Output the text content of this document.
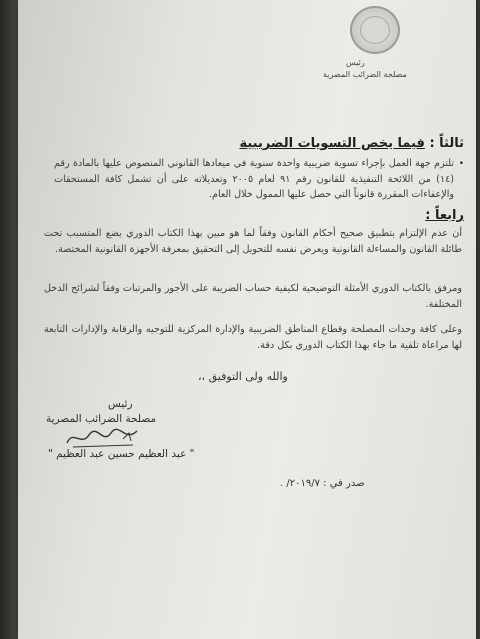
رئيس
مصلحة الضرائب المصرية
ثالثاً : فيما يخص التسويات الضريبية
•
تلتزم جهة العمل بإجراء تسوية ضريبية واحدة سنوية في ميعادها القانوني المنصوص عليها بالمادة رقم (١٤) من اللائحة التنفيذية للقانون رقم ٩١ لعام ٢٠٠٥ وتعديلاته على أن تشمل كافة المستحقات والإعفاءات المقررة قانوناً التي حصل عليها الممول خلال العام.
رابعاً :
أن عدم الإلتزام بتطبيق صحيح أحكام القانون وفقاً لما هو مبين بهذا الكتاب الدوري يضع المتسبب تحت طائلة القانون والمساءلة القانونية ويعرض نفسه للتحويل إلى التحقيق بمعرفة الأجهزة القانونية المختصة.
ومرفق بالكتاب الدوري الأمثلة التوضيحية لكيفية حساب الضريبة على الأجور والمرتبات وفقاً لشرائح الدخل المختلفة.
وعلى كافة وحدات المصلحة وقطاع المناطق الضريبية والإدارة المركزية للتوجيه والرقابة والإدارات التابعة لها مراعاة تلقية ما جاء بهذا الكتاب الدوري بكل دقة.
والله ولى التوفيق ،،
رئيس
مصلحة الضرائب المصرية
" عبد العظيم حسين عبد العظيم "
صدر في : ٢٠١٩/٧/ .
